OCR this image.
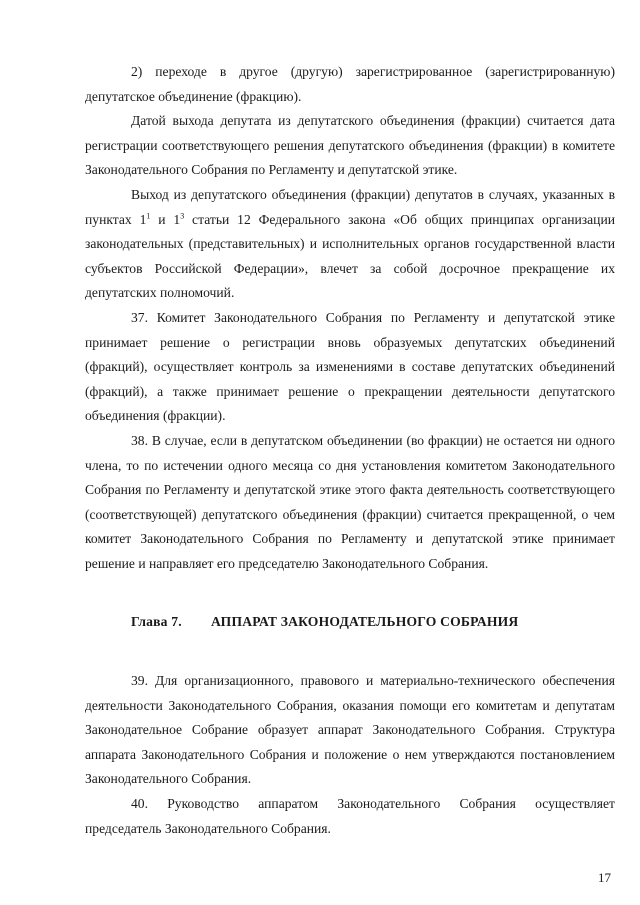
2) переходе в другое (другую) зарегистрированное (зарегистрированную) депутатское объединение (фракцию).

Датой выхода депутата из депутатского объединения (фракции) считается дата регистрации соответствующего решения депутатского объединения (фракции) в комитете Законодательного Собрания по Регламенту и депутатской этике.

Выход из депутатского объединения (фракции) депутатов в случаях, указанных в пунктах $1^1$ и $1^3$ статьи 12 Федерального закона «Об общих принципах организации законодательных (представительных) и исполнительных органов государственной власти субъектов Российской Федерации», влечет за собой досрочное прекращение их депутатских полномочий.

37. Комитет Законодательного Собрания по Регламенту и депутатской этике принимает решение о регистрации вновь образуемых депутатских объединений (фракций), осуществляет контроль за изменениями в составе депутатских объединений (фракций), а также принимает решение о прекращении деятельности депутатского объединения (фракции).

38. В случае, если в депутатском объединении (во фракции) не остается ни одного члена, то по истечении одного месяца со дня установления комитетом Законодательного Собрания по Регламенту и депутатской этике этого факта деятельность соответствующего (соответствующей) депутатского объединения (фракции) считается прекращенной, о чем комитет Законодательного Собрания по Регламенту и депутатской этике принимает решение и направляет его председателю Законодательного Собрания.

Глава 7.	АППАРАТ ЗАКОНОДАТЕЛЬНОГО СОБРАНИЯ

39. Для организационного, правового и материально-технического обеспечения деятельности Законодательного Собрания, оказания помощи его комитетам и депутатам Законодательное Собрание образует аппарат Законодательного Собрания. Структура аппарата Законодательного Собрания и положение о нем утверждаются постановлением Законодательного Собрания.

40. Руководство аппаратом Законодательного Собрания осуществляет председатель Законодательного Собрания.

17
